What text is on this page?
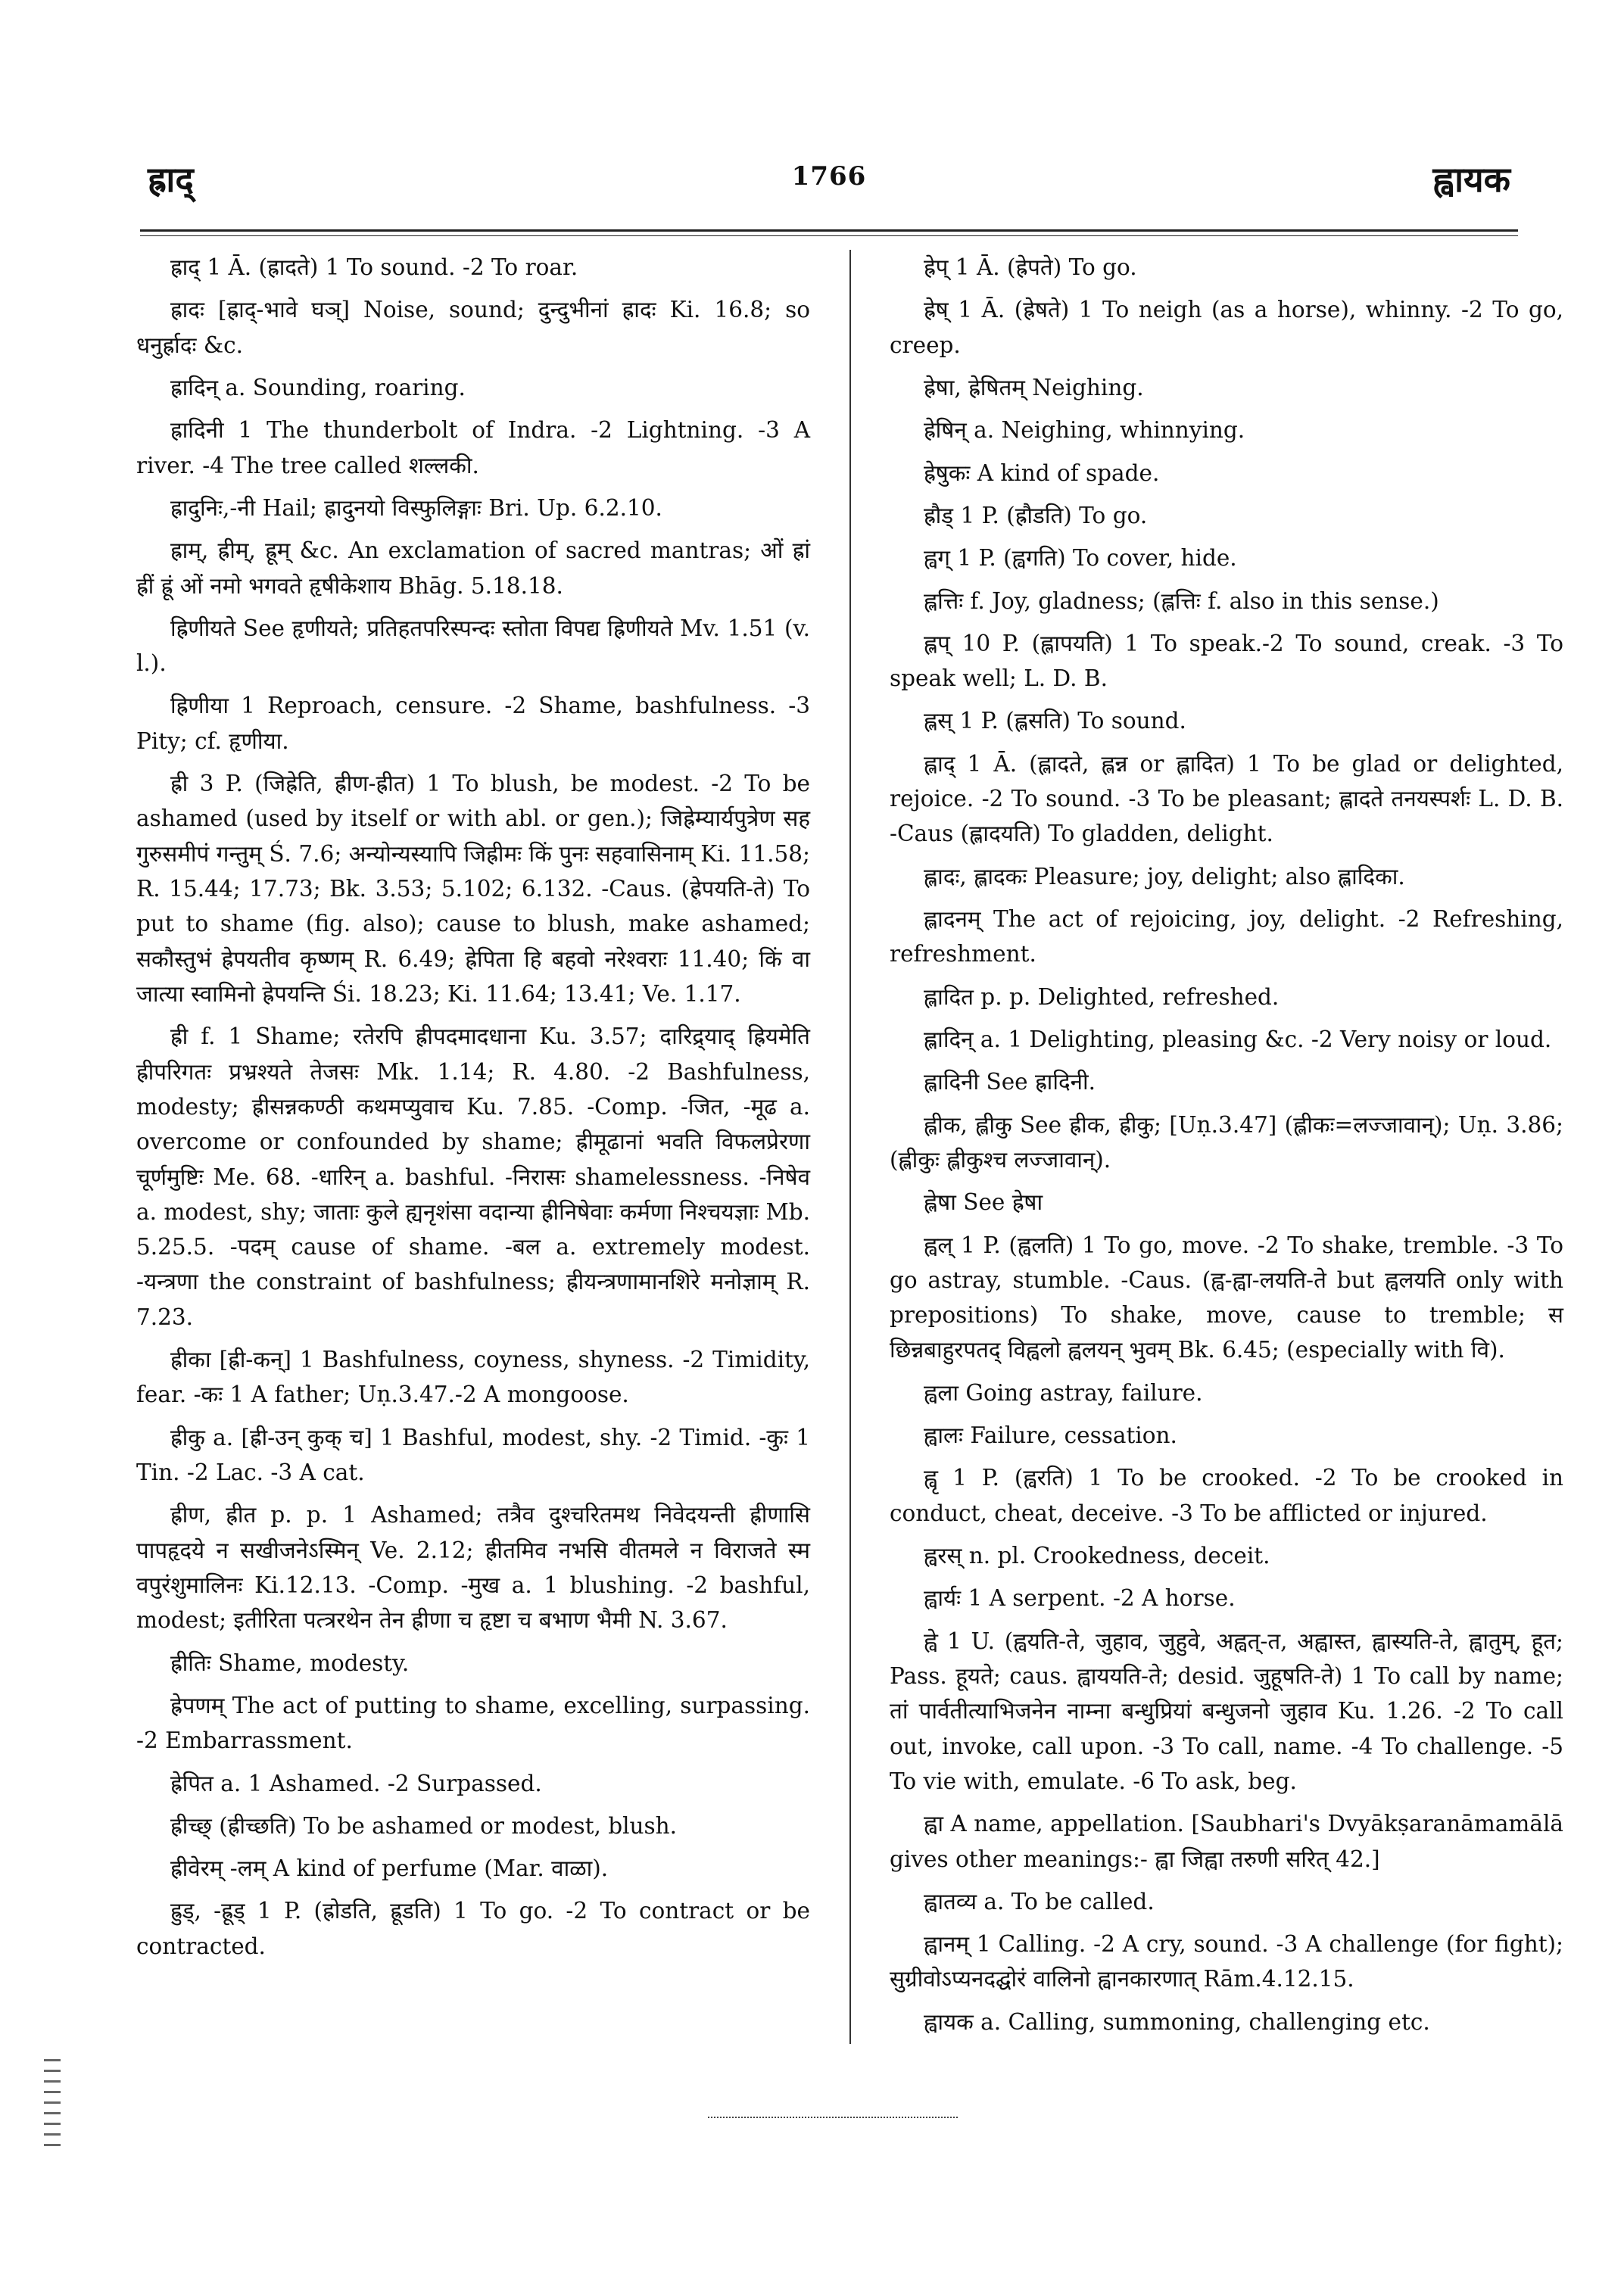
ह्राद्	1766	ह्वायक

ह्राद् 1 Ā. (ह्रादते) 1 To sound. -2 To roar.

ह्रादः [ह्राद्-भावे घञ्] Noise, sound; दुन्दुभीनां ह्रादः Ki. 16.8; so धनुर्ह्रादः &c.

ह्रादिन् a. Sounding, roaring.

ह्रादिनी 1 The thunderbolt of Indra. -2 Lightning. -3 A river. -4 The tree called शल्लकी.

ह्रादुनिः,-नी Hail; ह्रादुनयो विस्फुलिङ्गाः Bri. Up. 6.2.10.

ह्राम्, ह्रीम्, ह्रूम् &c. An exclamation of sacred mantras; ओं ह्रां ह्रीं ह्रूं ओं नमो भगवते हृषीकेशाय Bhāg. 5.18.18.

ह्रिणीयते See हृणीयते; प्रतिहतपरिस्पन्दः स्तोता विपद्य ह्रिणीयते Mv. 1.51 (v. l.).

ह्रिणीया 1 Reproach, censure. -2 Shame, bashfulness. -3 Pity; cf. हृणीया.

ह्री 3 P. (जिह्रेति, ह्रीण-ह्रीत) 1 To blush, be modest. -2 To be ashamed (used by itself or with abl. or gen.); जिह्रेम्यार्यपुत्रेण सह गुरुसमीपं गन्तुम् Ś. 7.6; अन्योन्यस्यापि जिह्रीमः किं पुनः सहवासिनाम् Ki. 11.58; R. 15.44; 17.73; Bk. 3.53; 5.102; 6.132. -Caus. (ह्रेपयति-ते) To put to shame (fig. also); cause to blush, make ashamed; सकौस्तुभं ह्रेपयतीव कृष्णम् R. 6.49; ह्रेपिता हि बहवो नरेश्वराः 11.40; किं वा जात्या स्वामिनो ह्रेपयन्ति Śi. 18.23; Ki. 11.64; 13.41; Ve. 1.17.

ह्री f. 1 Shame; रतेरपि ह्रीपदमादधाना Ku. 3.57; दारिद्र्याद् ह्रियमेति ह्रीपरिगतः प्रभ्रश्यते तेजसः Mk. 1.14; R. 4.80. -2 Bashfulness, modesty; ह्रीसन्नकण्ठी कथमप्युवाच Ku. 7.85. -Comp. -जित, -मूढ a. overcome or confounded by shame; ह्रीमूढानां भवति विफलप्रेरणा चूर्णमुष्टिः Me. 68. -धारिन् a. bashful. -निरासः shamelessness. -निषेव a. modest, shy; जाताः कुले ह्यनृशंसा वदान्या ह्रीनिषेवाः कर्मणा निश्चयज्ञाः Mb. 5.25.5. -पदम् cause of shame. -बल a. extremely modest. -यन्त्रणा the constraint of bashfulness; ह्रीयन्त्रणामानशिरे मनोज्ञाम् R. 7.23.

ह्रीका [ह्री-कन्] 1 Bashfulness, coyness, shyness. -2 Timidity, fear. -कः 1 A father; Uṇ.3.47.-2 A mongoose.

ह्रीकु a. [ह्री-उन् कुक् च] 1 Bashful, modest, shy. -2 Timid. -कुः 1 Tin. -2 Lac. -3 A cat.

ह्रीण, ह्रीत p. p. 1 Ashamed; तत्रैव दुश्चरितमथ निवेदयन्ती ह्रीणासि पापहृदये न सखीजनेऽस्मिन् Ve. 2.12; ह्रीतमिव नभसि वीतमले न विराजते स्म वपुरंशुमालिनः Ki.12.13. -Comp. -मुख a. 1 blushing. -2 bashful, modest; इतीरिता पत्त्ररथेन तेन ह्रीणा च हृष्टा च बभाण भैमी N. 3.67.

ह्रीतिः Shame, modesty.

ह्रेपणम् The act of putting to shame, excelling, surpassing. -2 Embarrassment.

ह्रेपित a. 1 Ashamed. -2 Surpassed.

ह्रीच्छ् (ह्रीच्छति) To be ashamed or modest, blush.

ह्रीवेरम् -लम् A kind of perfume (Mar. वाळा).

ह्रुड्, -ह्रूड् 1 P. (ह्रोडति, ह्रूडति) 1 To go. -2 To contract or be contracted.

ह्रेप् 1 Ā. (ह्रेपते) To go.

ह्रेष् 1 Ā. (ह्रेषते) 1 To neigh (as a horse), whinny. -2 To go, creep.

ह्रेषा, ह्रेषितम् Neighing.

ह्रेषिन् a. Neighing, whinnying.

ह्रेषुकः A kind of spade.

ह्रौड् 1 P. (ह्रौडति) To go.

ह्वग् 1 P. (ह्वगति) To cover, hide.

ह्लत्तिः f. Joy, gladness; (ह्लत्तिः f. also in this sense.)

ह्लप् 10 P. (ह्लापयति) 1 To speak.-2 To sound, creak. -3 To speak well; L. D. B.

ह्लस् 1 P. (ह्लसति) To sound.

ह्लाद् 1 Ā. (ह्लादते, ह्लन्न or ह्लादित) 1 To be glad or delighted, rejoice. -2 To sound. -3 To be pleasant; ह्लादते तनयस्पर्शः L. D. B. -Caus (ह्लादयति) To gladden, delight.

ह्लादः, ह्लादकः Pleasure; joy, delight; also ह्लादिका.

ह्लादनम् The act of rejoicing, joy, delight. -2 Refreshing, refreshment.

ह्लादित p. p. Delighted, refreshed.

ह्लादिन् a. 1 Delighting, pleasing &c. -2 Very noisy or loud.

ह्लादिनी See ह्रादिनी.

ह्लीक, ह्लीकु See ह्रीक, ह्रीकु; [Uṇ.3.47] (ह्लीकः=लज्जावान्); Uṇ. 3.86; (ह्लीकुः ह्लीकुश्च लज्जावान्).

ह्लेषा See ह्रेषा

ह्वल् 1 P. (ह्वलति) 1 To go, move. -2 To shake, tremble. -3 To go astray, stumble. -Caus. (ह्व-ह्वा-लयति-ते but ह्वलयति only with prepositions) To shake, move, cause to tremble; स छिन्नबाहुरपतद् विह्वलो ह्वलयन् भुवम् Bk. 6.45; (especially with वि).

ह्वला Going astray, failure.

ह्वालः Failure, cessation.

ह्वृ 1 P. (ह्वरति) 1 To be crooked. -2 To be crooked in conduct, cheat, deceive. -3 To be afflicted or injured.

ह्वरस् n. pl. Crookedness, deceit.

ह्वार्यः 1 A serpent. -2 A horse.

ह्वे 1 U. (ह्वयति-ते, जुहाव, जुहुवे, अह्वत्-त, अह्वास्त, ह्वास्यति-ते, ह्वातुम्, हूत; Pass. हूयते; caus. ह्वाययति-ते; desid. जुहूषति-ते) 1 To call by name; तां पार्वतीत्याभिजनेन नाम्ना बन्धुप्रियां बन्धुजनो जुहाव Ku. 1.26. -2 To call out, invoke, call upon. -3 To call, name. -4 To challenge. -5 To vie with, emulate. -6 To ask, beg.

ह्वा A name, appellation. [Saubhari's Dvyākṣaranāmamālā gives other meanings:- ह्वा जिह्वा तरुणी सरित् 42.]

ह्वातव्य a. To be called.

ह्वानम् 1 Calling. -2 A cry, sound. -3 A challenge (for fight); सुग्रीवोऽप्यनदद्घोरं वालिनो ह्वानकारणात् Rām.4.12.15.

ह्वायक a. Calling, summoning, challenging etc.
